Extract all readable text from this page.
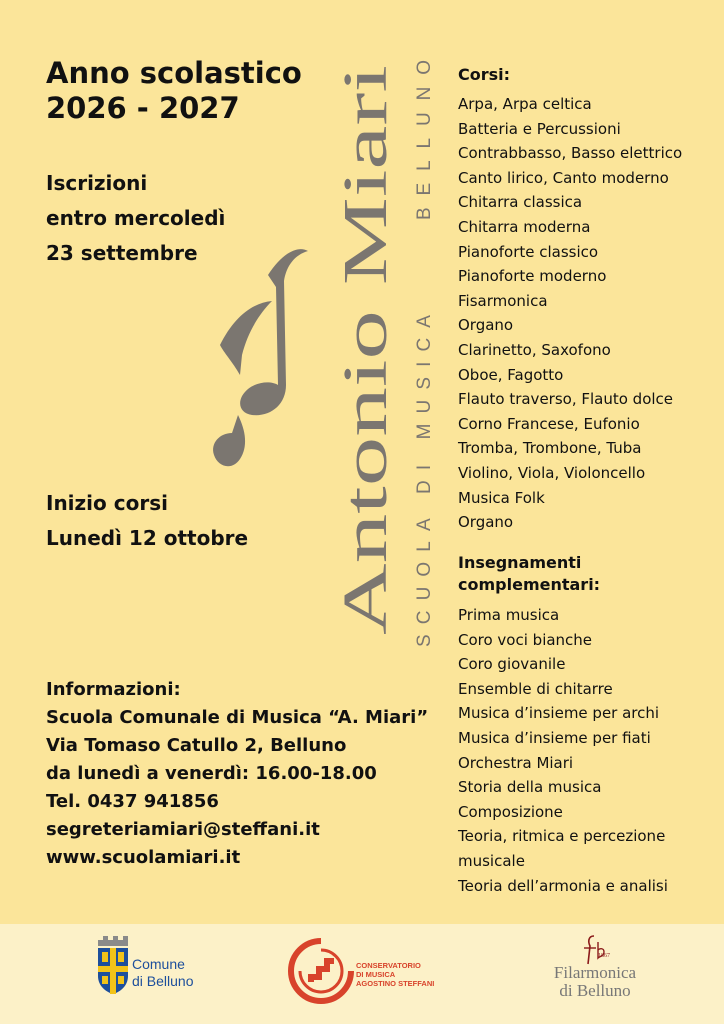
Anno scolastico
2026 - 2027
Iscrizioni
entro mercoledì
23 settembre
Inizio corsi
Lunedì 12 ottobre
Informazioni:
Scuola Comunale di Musica “A. Miari”
Via Tomaso Catullo 2, Belluno
da lunedì a venerdì: 16.00-18.00
Tel. 0437 941856
segreteriamiari@steffani.it
www.scuolamiari.it
Antonio Miari
SCUOLA DI MUSICA
BELLUNO Corsi:
Arpa, Arpa celtica
Batteria e Percussioni
Contrabbasso, Basso elettrico
Canto lirico, Canto moderno
Chitarra classica
Chitarra moderna
Pianoforte classico
Pianoforte moderno
Fisarmonica
Organo
Clarinetto, Saxofono
Oboe, Fagotto
Flauto traverso, Flauto dolce
Corno Francese, Eufonio
Tromba, Trombone, Tuba
Violino, Viola, Violoncello
Musica Folk
Organo
Insegnamenti
complementari:
Prima musica
Coro voci bianche
Coro giovanile
Ensemble di chitarre
Musica d’insieme per archi
Musica d’insieme per fiati
Orchestra Miari
Storia della musica
Composizione
Teoria, ritmica e percezione musicale
Teoria dell’armonia e analisi
Comune
di Belluno
CONSERVATORIO
DI MUSICA
AGOSTINO STEFFANI
1867
Filarmonica
di Belluno
